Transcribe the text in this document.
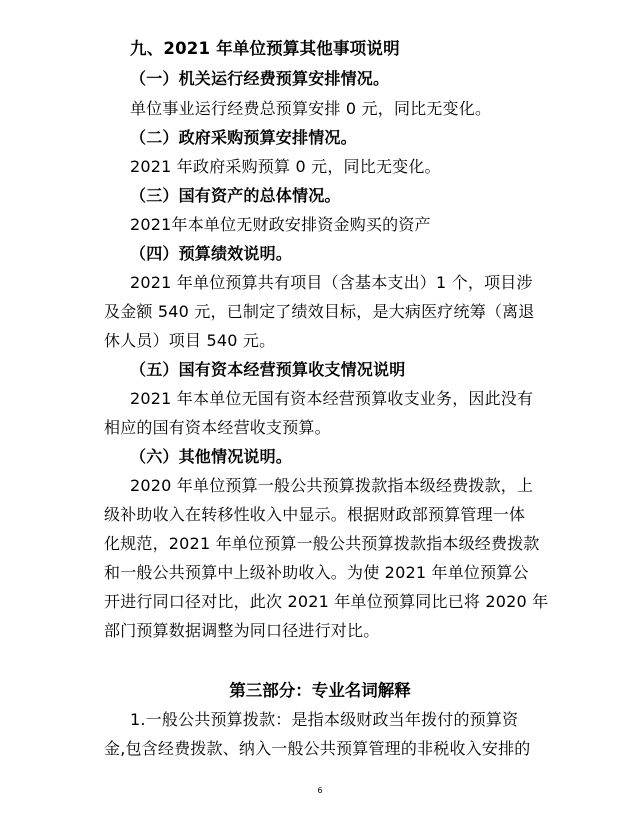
九、2021 年单位预算其他事项说明
（一）机关运行经费预算安排情况。
单位事业运行经费总预算安排 0 元，同比无变化。
（二）政府采购预算安排情况。
2021 年政府采购预算 0 元，同比无变化。
（三）国有资产的总体情况。
2021年本单位无财政安排资金购买的资产
（四）预算绩效说明。
2021 年单位预算共有项目（含基本支出）1 个，项目涉
及金额 540 元，已制定了绩效目标，是大病医疗统筹（离退
休人员）项目 540 元。
（五）国有资本经营预算收支情况说明
2021 年本单位无国有资本经营预算收支业务，因此没有
相应的国有资本经营收支预算。
（六）其他情况说明。
2020 年单位预算一般公共预算拨款指本级经费拨款，上
级补助收入在转移性收入中显示。根据财政部预算管理一体
化规范，2021 年单位预算一般公共预算拨款指本级经费拨款
和一般公共预算中上级补助收入。为使 2021 年单位预算公
开进行同口径对比，此次 2021 年单位预算同比已将 2020 年
部门预算数据调整为同口径进行对比。
第三部分：专业名词解释
1.一般公共预算拨款：是指本级财政当年拨付的预算资
金,包含经费拨款、纳入一般公共预算管理的非税收入安排的
6
